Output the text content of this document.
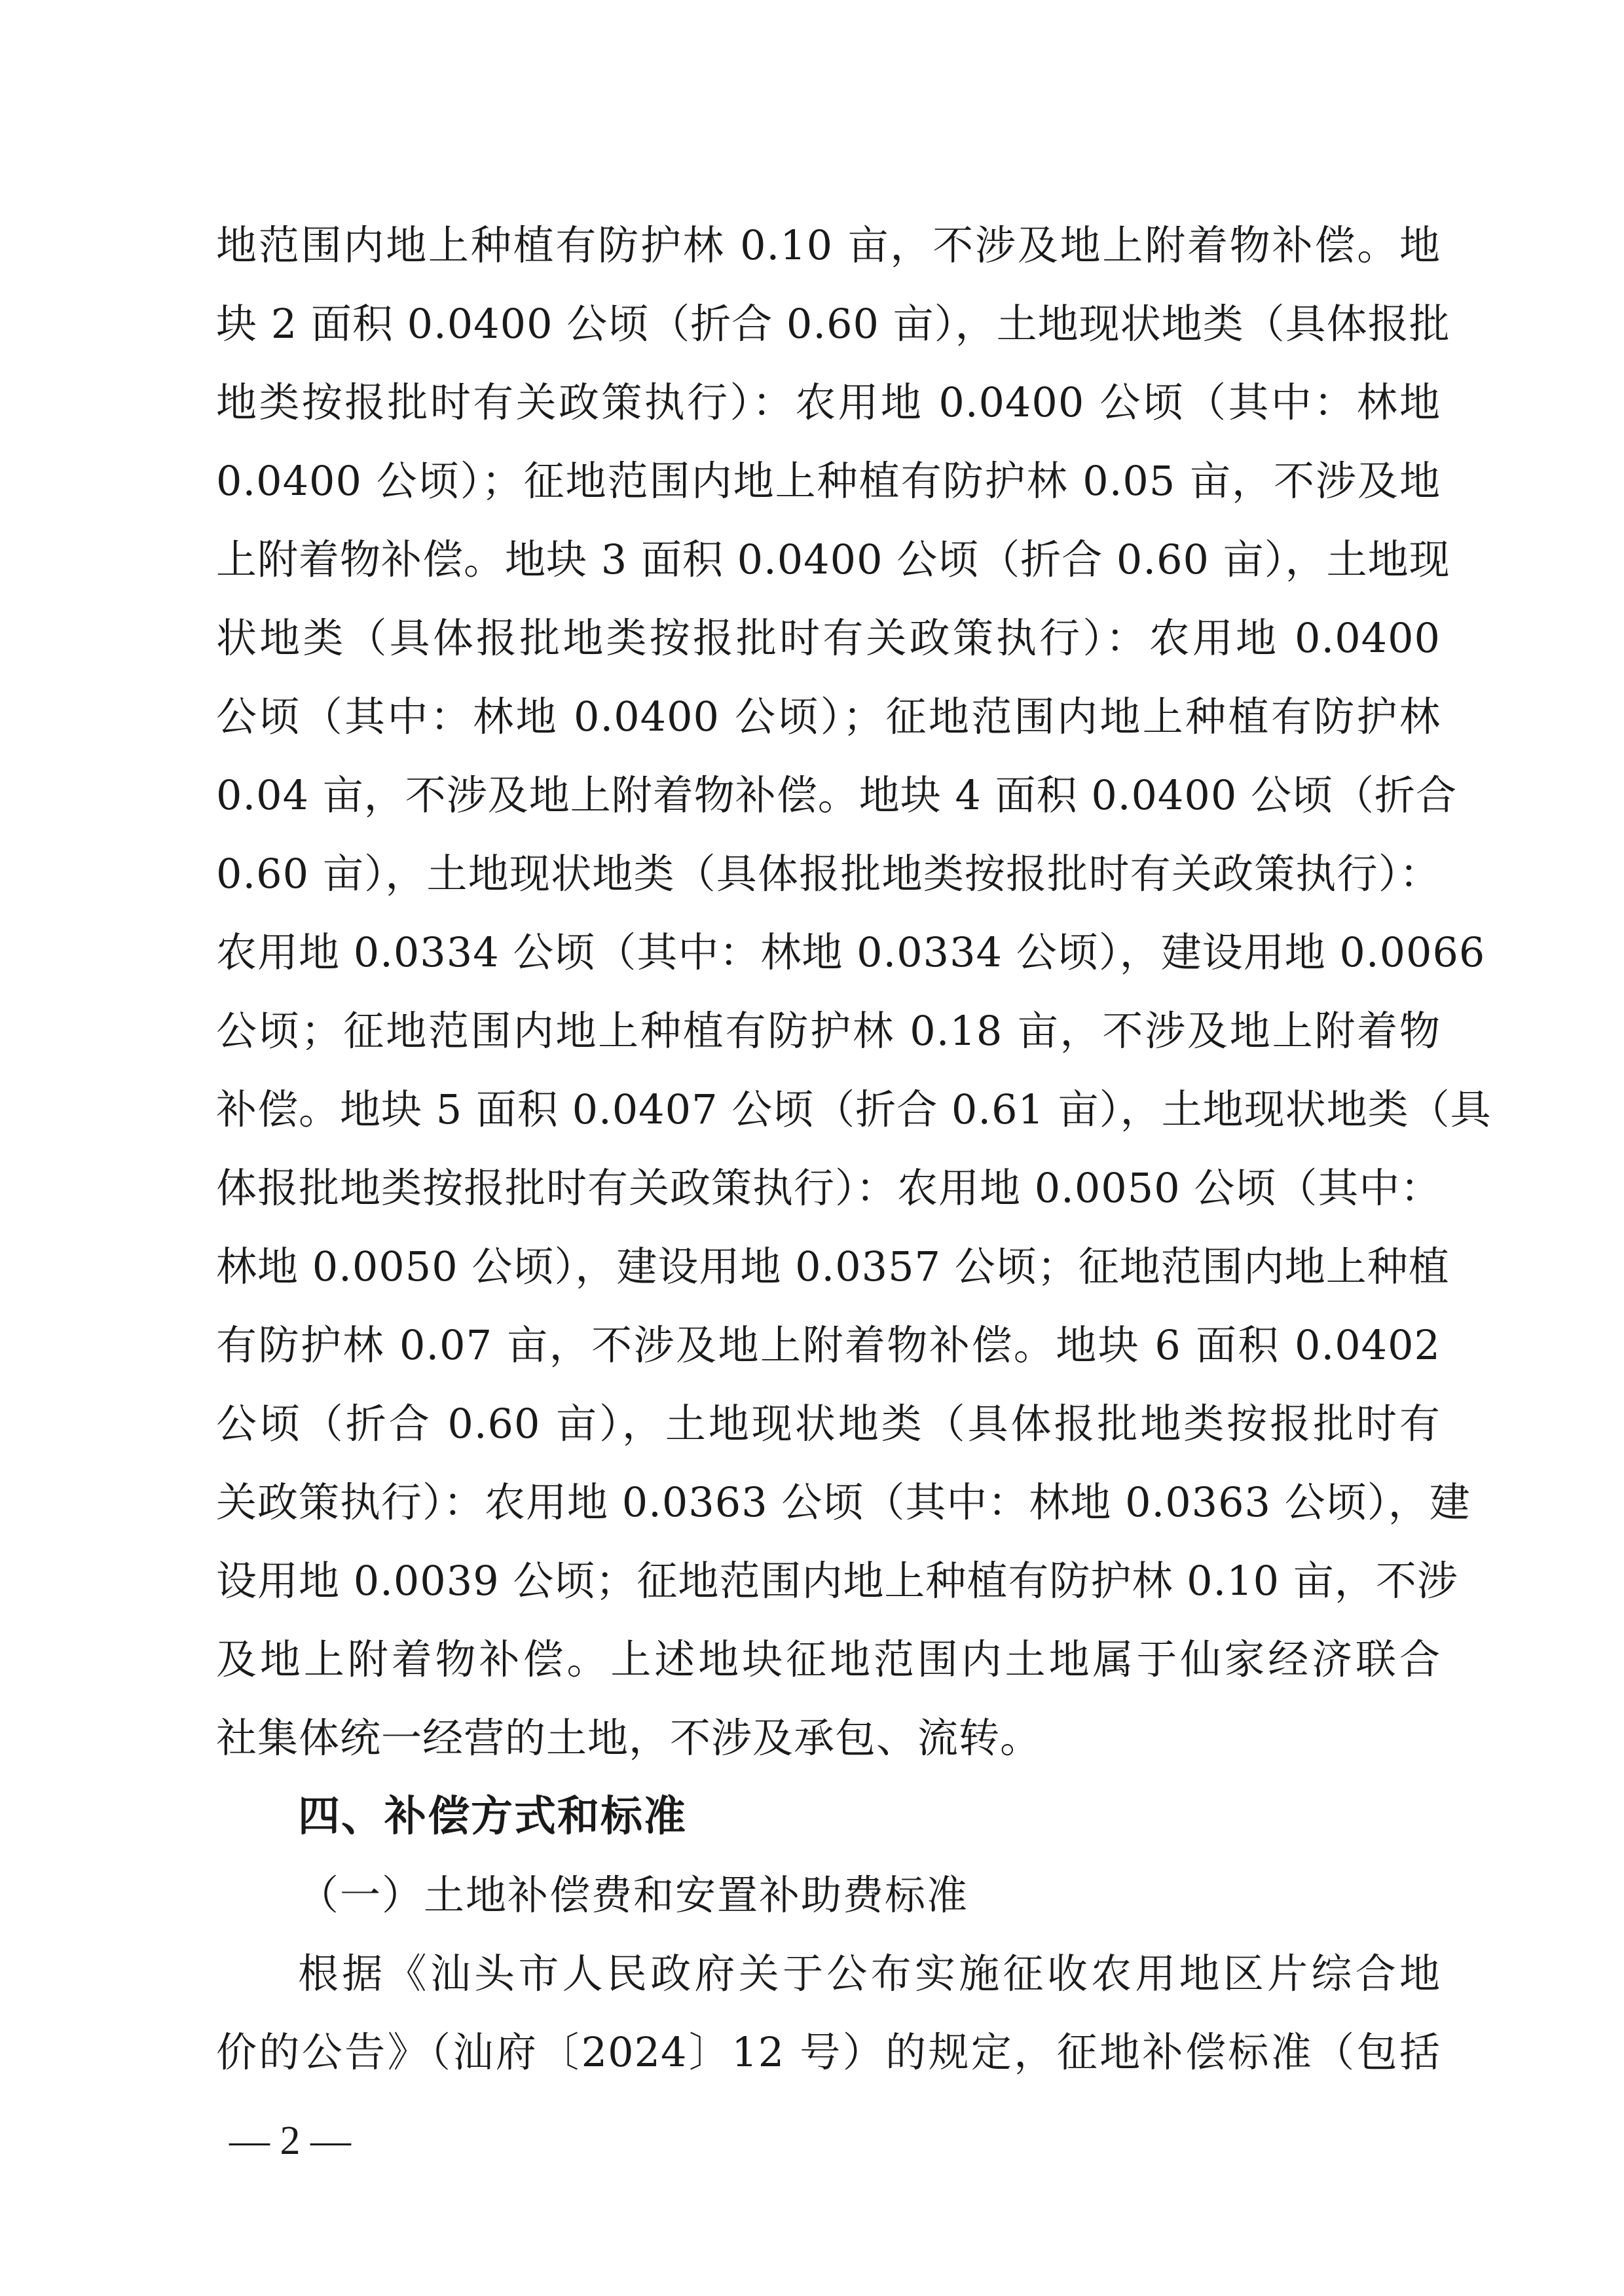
地范围内地上种植有防护林 0.10 亩，不涉及地上附着物补偿。地
块 2 面积 0.0400 公顷（折合 0.60 亩），土地现状地类（具体报批
地类按报批时有关政策执行）：农用地 0.0400 公顷（其中：林地
0.0400 公顷）；征地范围内地上种植有防护林 0.05 亩，不涉及地
上附着物补偿。地块 3 面积 0.0400 公顷（折合 0.60 亩），土地现
状地类（具体报批地类按报批时有关政策执行）：农用地 0.0400
公顷（其中：林地 0.0400 公顷）；征地范围内地上种植有防护林
0.04 亩，不涉及地上附着物补偿。地块 4 面积 0.0400 公顷（折合
0.60 亩），土地现状地类（具体报批地类按报批时有关政策执行）：
农用地 0.0334 公顷（其中：林地 0.0334 公顷），建设用地 0.0066
公顷；征地范围内地上种植有防护林 0.18 亩，不涉及地上附着物
补偿。地块 5 面积 0.0407 公顷（折合 0.61 亩），土地现状地类（具
体报批地类按报批时有关政策执行）：农用地 0.0050 公顷（其中：
林地 0.0050 公顷），建设用地 0.0357 公顷；征地范围内地上种植
有防护林 0.07 亩，不涉及地上附着物补偿。地块 6 面积 0.0402
公顷（折合 0.60 亩），土地现状地类（具体报批地类按报批时有
关政策执行）：农用地 0.0363 公顷（其中：林地 0.0363 公顷），建
设用地 0.0039 公顷；征地范围内地上种植有防护林 0.10 亩，不涉
及地上附着物补偿。上述地块征地范围内土地属于仙家经济联合
社集体统一经营的土地，不涉及承包、流转。
四、补偿方式和标准
（一）土地补偿费和安置补助费标准
根据《汕头市人民政府关于公布实施征收农用地区片综合地
价的公告》（汕府〔2024〕12 号）的规定，征地补偿标准（包括
— 2 —
